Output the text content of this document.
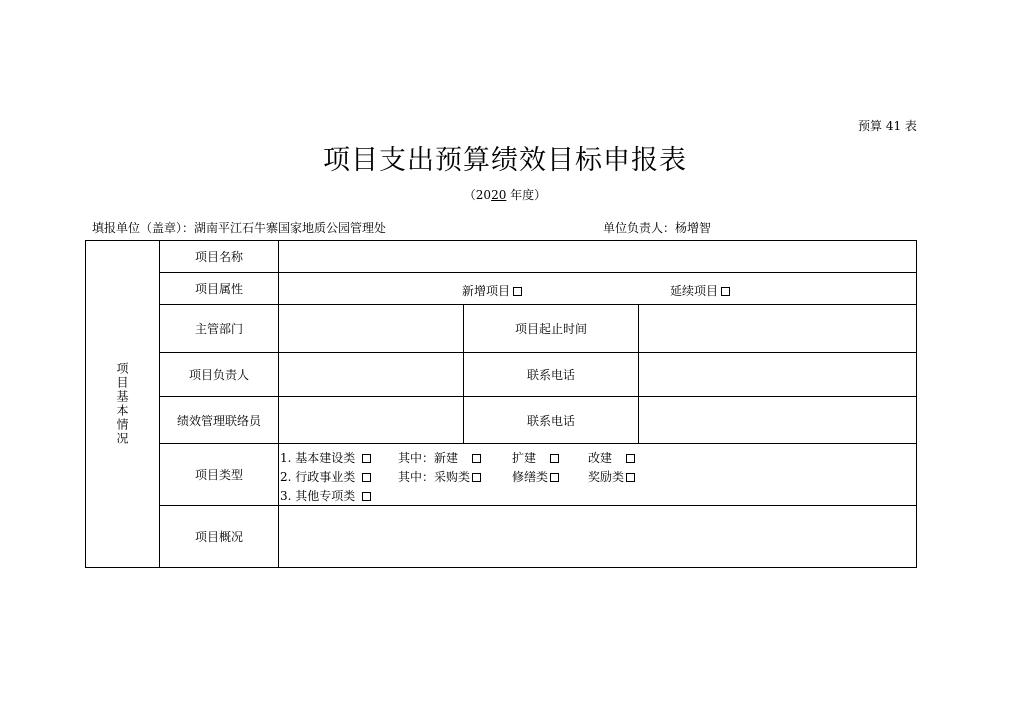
预算 41 表
项目支出预算绩效目标申报表
（2020 年度）
填报单位（盖章）：湖南平江石牛寨国家地质公园管理处	单位负责人：杨增智
项目基本情况
项目名称
项目属性	新增项目	延续项目
主管部门	项目起止时间
项目负责人	联系电话
绩效管理联络员	联系电话
项目类型
1. 基本建设类	其中：新建	扩建	改建
2. 行政事业类	其中：采购类	修缮类	奖励类
3. 其他专项类
项目概况
